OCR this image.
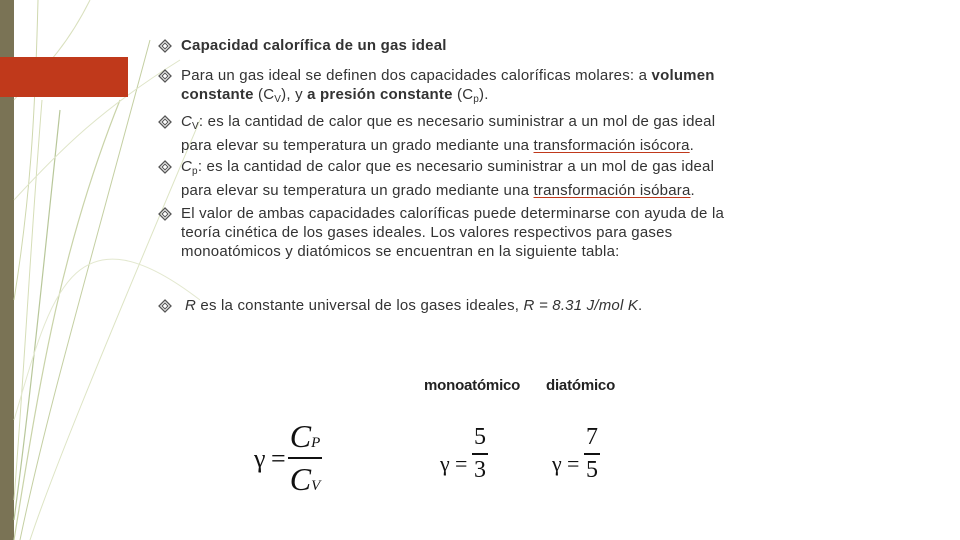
Capacidad calorífica de un gas ideal
Para un gas ideal se definen dos capacidades caloríficas molares: a volumen
constante $(C_V)$, y a presión constante $(C_p)$.
$C_V$: es la cantidad de calor que es necesario suministrar a un mol de gas ideal
para elevar su temperatura un grado mediante una transformación isócora.
$C_p$: es la cantidad de calor que es necesario suministrar a un mol de gas ideal
para elevar su temperatura un grado mediante una transformación isóbara.
El valor de ambas capacidades caloríficas puede determinarse con ayuda de la
teoría cinética de los gases ideales. Los valores respectivos para gases
monoatómicos y diatómicos se encuentran en la siguiente tabla:
R es la constante universal de los gases ideales, R = 8.31 J/mol K.
monoatómico diatómico
γ =
CP
CV
γ =
5
3	γ =
7
5
